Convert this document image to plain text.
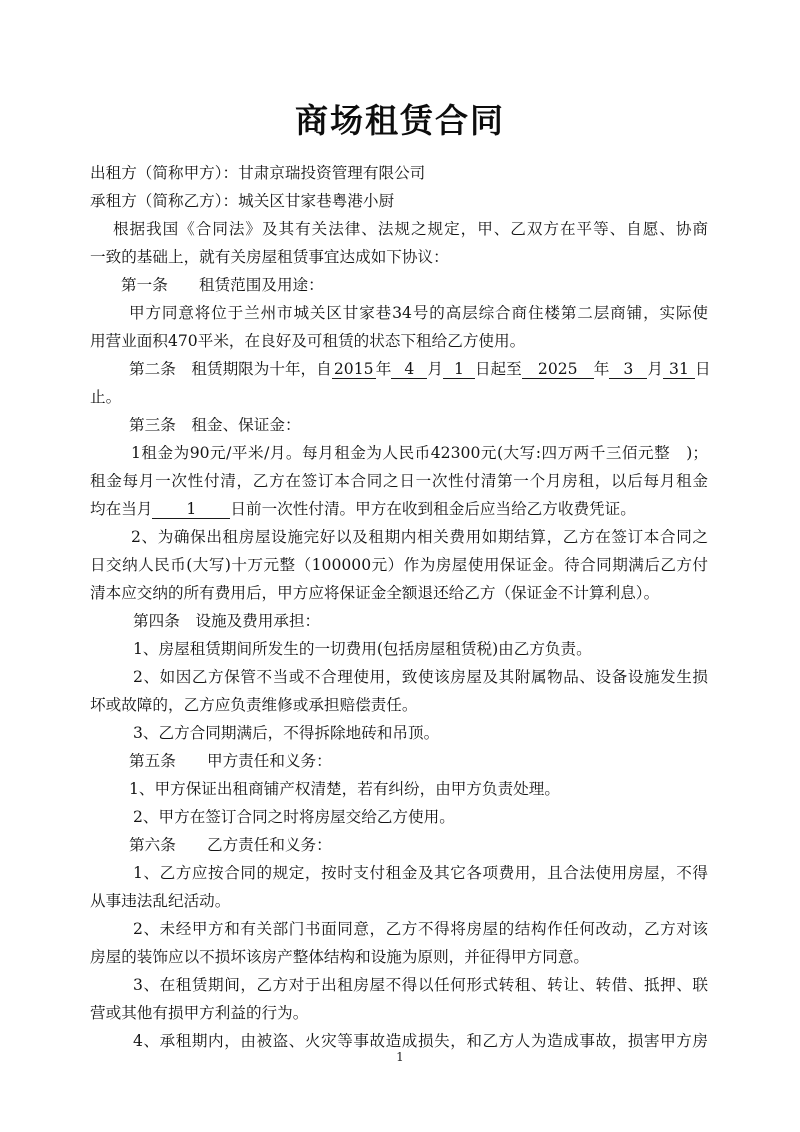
商场租赁合同
出租方（简称甲方）：甘肃京瑞投资管理有限公司
承租方（简称乙方）：城关区甘家巷粤港小厨
根据我国《合同法》及其有关法律、法规之规定，甲、乙双方在平等、自愿、协商
一致的基础上，就有关房屋租赁事宜达成如下协议：
第一条　　租赁范围及用途：
甲方同意将位于兰州市城关区甘家巷34号的高层综合商住楼第二层商铺，实际使
用营业面积470平米，在良好及可租赁的状态下租给乙方使用。
第二条　租赁期限为十年，自 2015 年 4 月 1 日起至 2025 年 3 月 31 日
止。
第三条　租金、保证金：
1租金为90元/平米/月。每月租金为人民币42300元(大写:四万两千三佰元整　)；
租金每月一次性付清，乙方在签订本合同之日一次性付清第一个月房租，以后每月租金
均在当月 1 日前一次性付清。甲方在收到租金后应当给乙方收费凭证。
2、为确保出租房屋设施完好以及租期内相关费用如期结算，乙方在签订本合同之
日交纳人民币(大写)十万元整（100000元）作为房屋使用保证金。待合同期满后乙方付
清本应交纳的所有费用后，甲方应将保证金全额退还给乙方（保证金不计算利息）。
第四条　设施及费用承担：
1、房屋租赁期间所发生的一切费用(包括房屋租赁税)由乙方负责。
2、如因乙方保管不当或不合理使用，致使该房屋及其附属物品、设备设施发生损
坏或故障的，乙方应负责维修或承担赔偿责任。
3、乙方合同期满后，不得拆除地砖和吊顶。
第五条　　甲方责任和义务：
1、甲方保证出租商铺产权清楚，若有纠纷，由甲方负责处理。
2、甲方在签订合同之时将房屋交给乙方使用。
第六条　　乙方责任和义务：
1、乙方应按合同的规定，按时支付租金及其它各项费用，且合法使用房屋，不得
从事违法乱纪活动。
2、未经甲方和有关部门书面同意，乙方不得将房屋的结构作任何改动，乙方对该
房屋的装饰应以不损坏该房产整体结构和设施为原则，并征得甲方同意。
3、在租赁期间，乙方对于出租房屋不得以任何形式转租、转让、转借、抵押、联
营或其他有损甲方利益的行为。
4、承租期内，由被盗、火灾等事故造成损失，和乙方人为造成事故，损害甲方房
1
